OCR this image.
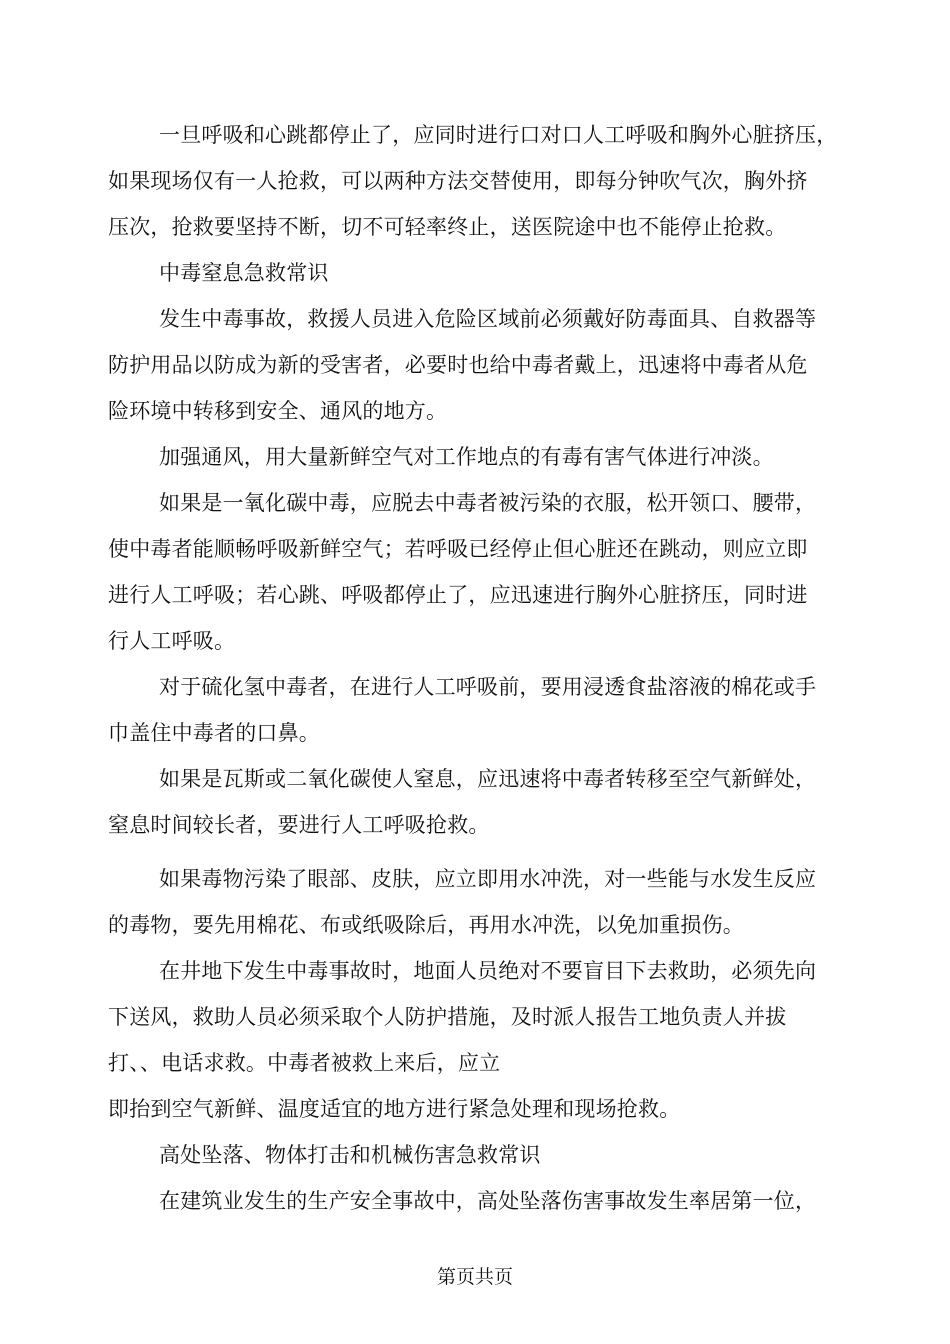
一旦呼吸和心跳都停止了，应同时进行口对口人工呼吸和胸外心脏挤压，
如果现场仅有一人抢救，可以两种方法交替使用，即每分钟吹气次，胸外挤
压次，抢救要坚持不断，切不可轻率终止，送医院途中也不能停止抢救。
中毒窒息急救常识
发生中毒事故，救援人员进入危险区域前必须戴好防毒面具、自救器等
防护用品以防成为新的受害者，必要时也给中毒者戴上，迅速将中毒者从危
险环境中转移到安全、通风的地方。
加强通风，用大量新鲜空气对工作地点的有毒有害气体进行冲淡。
如果是一氧化碳中毒，应脱去中毒者被污染的衣服，松开领口、腰带，
使中毒者能顺畅呼吸新鲜空气；若呼吸已经停止但心脏还在跳动，则应立即
进行人工呼吸；若心跳、呼吸都停止了，应迅速进行胸外心脏挤压，同时进
行人工呼吸。
对于硫化氢中毒者，在进行人工呼吸前，要用浸透食盐溶液的棉花或手
巾盖住中毒者的口鼻。
如果是瓦斯或二氧化碳使人窒息，应迅速将中毒者转移至空气新鲜处，
窒息时间较长者，要进行人工呼吸抢救。
如果毒物污染了眼部、皮肤，应立即用水冲洗，对一些能与水发生反应
的毒物，要先用棉花、布或纸吸除后，再用水冲洗，以免加重损伤。
在井地下发生中毒事故时，地面人员绝对不要盲目下去救助，必须先向
下送风，救助人员必须采取个人防护措施，及时派人报告工地负责人并拔
打、、电话求救。中毒者被救上来后，应立
即抬到空气新鲜、温度适宜的地方进行紧急处理和现场抢救。
高处坠落、物体打击和机械伤害急救常识
在建筑业发生的生产安全事故中，高处坠落伤害事故发生率居第一位，
第页共页
